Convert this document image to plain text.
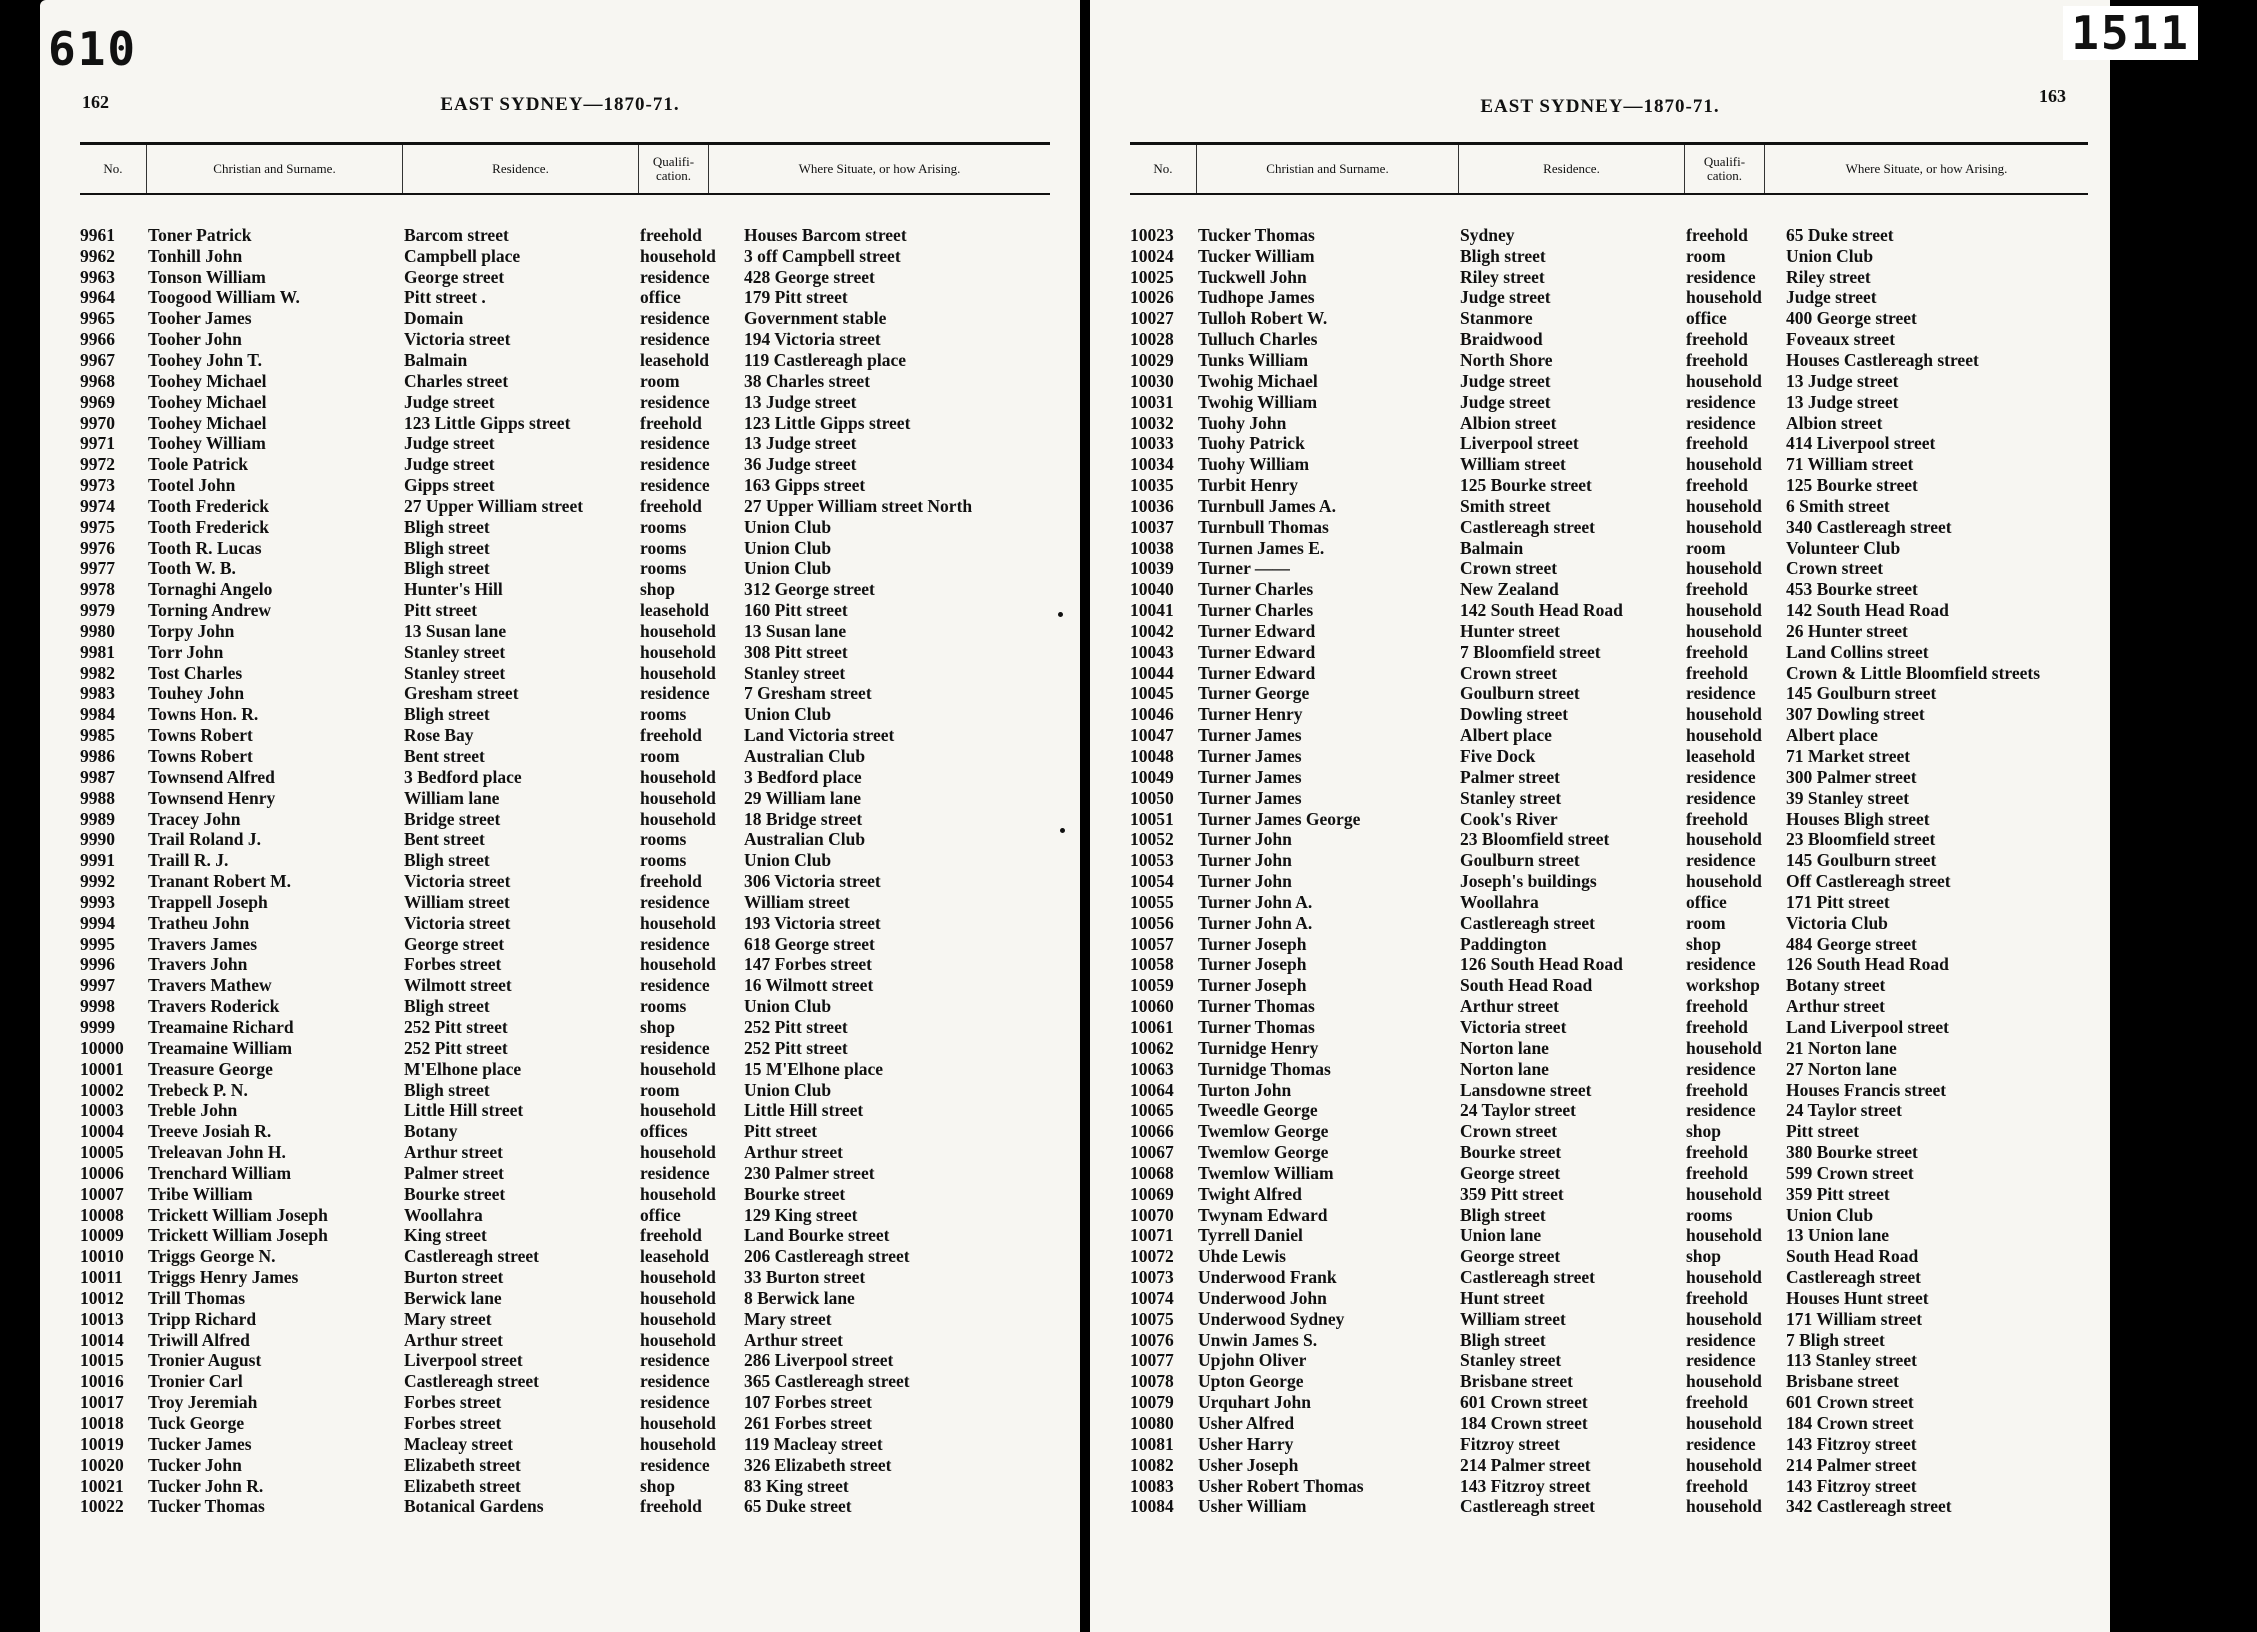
610
162	EAST SYDNEY—1870-71.
No.	Christian and Surname.	Residence.	Qualifi-
cation.	Where Situate, or how Arising.
9961	Toner Patrick	Barcom street	freehold	Houses Barcom street
9962	Tonhill John	Campbell place	household	3 off Campbell street
9963	Tonson William	George street	residence	428 George street
9964	Toogood William W.	Pitt street .	office	179 Pitt street
9965	Tooher James	Domain	residence	Government stable
9966	Tooher John	Victoria street	residence	194 Victoria street
9967	Toohey John T.	Balmain	leasehold	119 Castlereagh place
9968	Toohey Michael	Charles street	room	38 Charles street
9969	Toohey Michael	Judge street	residence	13 Judge street
9970	Toohey Michael	123 Little Gipps street	freehold	123 Little Gipps street
9971	Toohey William	Judge street	residence	13 Judge street
9972	Toole Patrick	Judge street	residence	36 Judge street
9973	Tootel John	Gipps street	residence	163 Gipps street
9974	Tooth Frederick	27 Upper William street	freehold	27 Upper William street North
9975	Tooth Frederick	Bligh street	rooms	Union Club
9976	Tooth R. Lucas	Bligh street	rooms	Union Club
9977	Tooth W. B.	Bligh street	rooms	Union Club
9978	Tornaghi Angelo	Hunter's Hill	shop	312 George street
9979	Torning Andrew	Pitt street	leasehold	160 Pitt street
9980	Torpy John	13 Susan lane	household	13 Susan lane
9981	Torr John	Stanley street	household	308 Pitt street
9982	Tost Charles	Stanley street	household	Stanley street
9983	Touhey John	Gresham street	residence	7 Gresham street
9984	Towns Hon. R.	Bligh street	rooms	Union Club
9985	Towns Robert	Rose Bay	freehold	Land Victoria street
9986	Towns Robert	Bent street	room	Australian Club
9987	Townsend Alfred	3 Bedford place	household	3 Bedford place
9988	Townsend Henry	William lane	household	29 William lane
9989	Tracey John	Bridge street	household	18 Bridge street
9990	Trail Roland J.	Bent street	rooms	Australian Club
9991	Traill R. J.	Bligh street	rooms	Union Club
9992	Tranant Robert M.	Victoria street	freehold	306 Victoria street
9993	Trappell Joseph	William street	residence	William street
9994	Tratheu John	Victoria street	household	193 Victoria street
9995	Travers James	George street	residence	618 George street
9996	Travers John	Forbes street	household	147 Forbes street
9997	Travers Mathew	Wilmott street	residence	16 Wilmott street
9998	Travers Roderick	Bligh street	rooms	Union Club
9999	Treamaine Richard	252 Pitt street	shop	252 Pitt street
10000	Treamaine William	252 Pitt street	residence	252 Pitt street
10001	Treasure George	M'Elhone place	household	15 M'Elhone place
10002	Trebeck P. N.	Bligh street	room	Union Club
10003	Treble John	Little Hill street	household	Little Hill street
10004	Treeve Josiah R.	Botany	offices	Pitt street
10005	Treleavan John H.	Arthur street	household	Arthur street
10006	Trenchard William	Palmer street	residence	230 Palmer street
10007	Tribe William	Bourke street	household	Bourke street
10008	Trickett William Joseph	Woollahra	office	129 King street
10009	Trickett William Joseph	King street	freehold	Land Bourke street
10010	Triggs George N.	Castlereagh street	leasehold	206 Castlereagh street
10011	Triggs Henry James	Burton street	household	33 Burton street
10012	Trill Thomas	Berwick lane	household	8 Berwick lane
10013	Tripp Richard	Mary street	household	Mary street
10014	Triwill Alfred	Arthur street	household	Arthur street
10015	Tronier August	Liverpool street	residence	286 Liverpool street
10016	Tronier Carl	Castlereagh street	residence	365 Castlereagh street
10017	Troy Jeremiah	Forbes street	residence	107 Forbes street
10018	Tuck George	Forbes street	household	261 Forbes street
10019	Tucker James	Macleay street	household	119 Macleay street
10020	Tucker John	Elizabeth street	residence	326 Elizabeth street
10021	Tucker John R.	Elizabeth street	shop	83 King street
10022	Tucker Thomas	Botanical Gardens	freehold	65 Duke street
1511
163
EAST SYDNEY—1870-71.
No.	Christian and Surname.	Residence.	Qualifi-
cation.	Where Situate, or how Arising.
10023	Tucker Thomas	Sydney	freehold	65 Duke street
10024	Tucker William	Bligh street	room	Union Club
10025	Tuckwell John	Riley street	residence	Riley street
10026	Tudhope James	Judge street	household	Judge street
10027	Tulloh Robert W.	Stanmore	office	400 George street
10028	Tulluch Charles	Braidwood	freehold	Foveaux street
10029	Tunks William	North Shore	freehold	Houses Castlereagh street
10030	Twohig Michael	Judge street	household	13 Judge street
10031	Twohig William	Judge street	residence	13 Judge street
10032	Tuohy John	Albion street	residence	Albion street
10033	Tuohy Patrick	Liverpool street	freehold	414 Liverpool street
10034	Tuohy William	William street	household	71 William street
10035	Turbit Henry	125 Bourke street	freehold	125 Bourke street
10036	Turnbull James A.	Smith street	household	6 Smith street
10037	Turnbull Thomas	Castlereagh street	household	340 Castlereagh street
10038	Turnen James E.	Balmain	room	Volunteer Club
10039	Turner ——	Crown street	household	Crown street
10040	Turner Charles	New Zealand	freehold	453 Bourke street
10041	Turner Charles	142 South Head Road	household	142 South Head Road
10042	Turner Edward	Hunter street	household	26 Hunter street
10043	Turner Edward	7 Bloomfield street	freehold	Land Collins street
10044	Turner Edward	Crown street	freehold	Crown & Little Bloomfield streets
10045	Turner George	Goulburn street	residence	145 Goulburn street
10046	Turner Henry	Dowling street	household	307 Dowling street
10047	Turner James	Albert place	household	Albert place
10048	Turner James	Five Dock	leasehold	71 Market street
10049	Turner James	Palmer street	residence	300 Palmer street
10050	Turner James	Stanley street	residence	39 Stanley street
10051	Turner James George	Cook's River	freehold	Houses Bligh street
10052	Turner John	23 Bloomfield street	household	23 Bloomfield street
10053	Turner John	Goulburn street	residence	145 Goulburn street
10054	Turner John	Joseph's buildings	household	Off Castlereagh street
10055	Turner John A.	Woollahra	office	171 Pitt street
10056	Turner John A.	Castlereagh street	room	Victoria Club
10057	Turner Joseph	Paddington	shop	484 George street
10058	Turner Joseph	126 South Head Road	residence	126 South Head Road
10059	Turner Joseph	South Head Road	workshop	Botany street
10060	Turner Thomas	Arthur street	freehold	Arthur street
10061	Turner Thomas	Victoria street	freehold	Land Liverpool street
10062	Turnidge Henry	Norton lane	household	21 Norton lane
10063	Turnidge Thomas	Norton lane	residence	27 Norton lane
10064	Turton John	Lansdowne street	freehold	Houses Francis street
10065	Tweedle George	24 Taylor street	residence	24 Taylor street
10066	Twemlow George	Crown street	shop	Pitt street
10067	Twemlow George	Bourke street	freehold	380 Bourke street
10068	Twemlow William	George street	freehold	599 Crown street
10069	Twight Alfred	359 Pitt street	household	359 Pitt street
10070	Twynam Edward	Bligh street	rooms	Union Club
10071	Tyrrell Daniel	Union lane	household	13 Union lane
10072	Uhde Lewis	George street	shop	South Head Road
10073	Underwood Frank	Castlereagh street	household	Castlereagh street
10074	Underwood John	Hunt street	freehold	Houses Hunt street
10075	Underwood Sydney	William street	household	171 William street
10076	Unwin James S.	Bligh street	residence	7 Bligh street
10077	Upjohn Oliver	Stanley street	residence	113 Stanley street
10078	Upton George	Brisbane street	household	Brisbane street
10079	Urquhart John	601 Crown street	freehold	601 Crown street
10080	Usher Alfred	184 Crown street	household	184 Crown street
10081	Usher Harry	Fitzroy street	residence	143 Fitzroy street
10082	Usher Joseph	214 Palmer street	household	214 Palmer street
10083	Usher Robert Thomas	143 Fitzroy street	freehold	143 Fitzroy street
10084	Usher William	Castlereagh street	household	342 Castlereagh street
